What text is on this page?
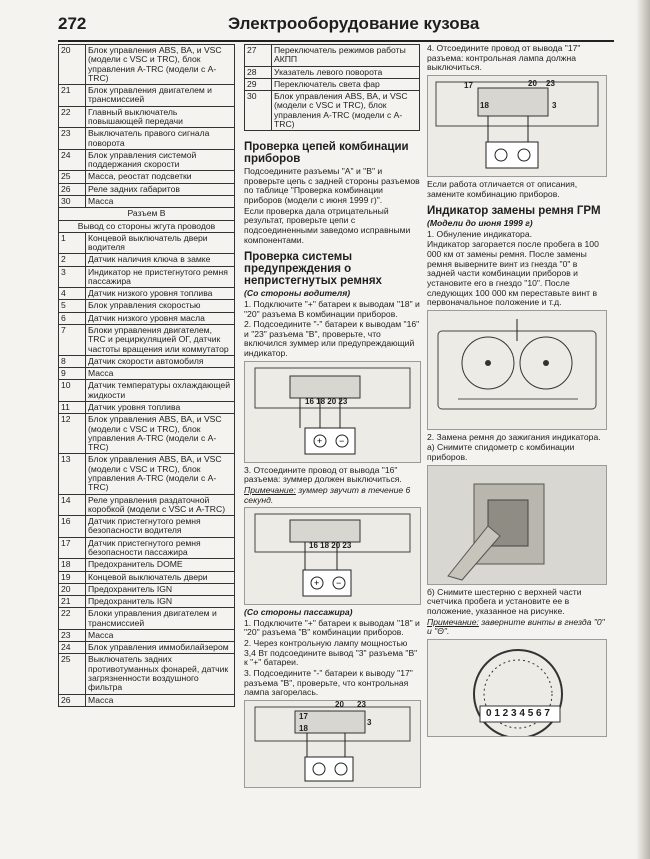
272	Электрооборудование кузова
20	Блок управления ABS, ВА, и VSC (модели с VSC и TRC), блок управления A-TRC (модели с A-TRC)
21	Блок управления двигателем и трансмиссией
22	Главный выключатель повышающей передачи
23	Выключатель правого сигнала поворота
24	Блок управления системой поддержания скорости
25	Масса, реостат подсветки
26	Реле задних габаритов
30	Масса
Разъем В	
Вывод со стороны жгута проводов	
1	Концевой выключатель двери водителя
2	Датчик наличия ключа в замке
3	Индикатор не пристегнутого ремня пассажира
4	Датчик низкого уровня топлива
5	Блок управления скоростью
6	Датчик низкого уровня масла
7	Блоки управления двигателем, TRC и рециркуляцией ОГ, датчик частоты вращения или коммутатор
8	Датчик скорости автомобиля
9	Масса
10	Датчик температуры охлаждающей жидкости
11	Датчик уровня топлива
12	Блок управления ABS, ВА, и VSC (модели с VSC и TRC), блок управления A-TRC (модели с A-TRC)
13	Блок управления ABS, ВА, и VSC (модели с VSC и TRC), блок управления A-TRC (модели с A-TRC)
14	Реле управления раздаточной коробкой (модели с VSC и A-TRC)
16	Датчик пристегнутого ремня безопасности водителя
17	Датчик пристегнутого ремня безопасности пассажира
18	Предохранитель DOME
19	Концевой выключатель двери
20	Предохранитель IGN
21	Предохранитель IGN
22	Блоки управления двигателем и трансмиссией
23	Масса
24	Блок управления иммобилайзером
25	Выключатель задних противотуманных фонарей, датчик загрязненности воздушного фильтра
26	Масса
27	Переключатель режимов работы АКПП
28	Указатель левого поворота
29	Переключатель света фар
30	Блок управления ABS, ВА, и VSC (модели с VSC и TRC), блок управления A-TRC (модели с A-TRC)
Проверка цепей комбинации приборов

Подсоедините разъемы "А" и "В" и проверьте цепь с задней стороны разъемов по таблице "Проверка комбинации приборов (модели с июня 1999 г)".

Если проверка дала отрицательный результат, проверьте цепи с подсоединенными заведомо исправными компонентами.

Проверка системы предупреждения о непристегнутых ремнях

(Со стороны водителя)

1. Подключите "+" батареи к выводам "18" и "20" разъема В комбинации приборов.

2. Подсоедините "-" батареи к выводам "16" и "23" разъема "В", проверьте, что включился зуммер или предупреждающий индикатор.

+ −
16 18 20 23

3. Отсоедините провод от вывода "16" разъема: зуммер должен выключиться.

Примечание: зуммер звучит в течение 6 секунд.

+ −
16 18 20 23

(Со стороны пассажира)

1. Подключите "+" батареи к выводам "18" и "20" разъема "В" комбинации приборов.

2. Через контрольную лампу мощностью 3,4 Вт подсоедините вывод "3" разъема "В" к "+" батареи.

3. Подсоедините "-" батареи к выводу "17" разъема "В", проверьте, что контрольная лампа загорелась.

20 23
17
18
3

4. Отсоедините провод от вывода "17" разъема: контрольная лампа должна выключиться.

17	20 23
18	3

Если работа отличается от описания, замените комбинацию приборов.

Индикатор замены ремня ГРМ

(Модели до июня 1999 г)

1. Обнуление индикатора.

Индикатор загорается после пробега в 100 000 км от замены ремня. После замены ремня выверните винт из гнезда "0" в задней части комбинации приборов и установите его в гнездо "10". После следующих 100 000 км переставьте винт в первоначальное положение и т.д.

2. Замена ремня до зажигания индикатора.

а) Снимите спидометр с комбинации приборов.

б) Снимите шестерню с верхней части счетчика пробега и установите ее в положение, указанное на рисунке.

Примечание: заверните винты в гнезда "0" и "Θ".

0 1 2 3 4 5 6 7
